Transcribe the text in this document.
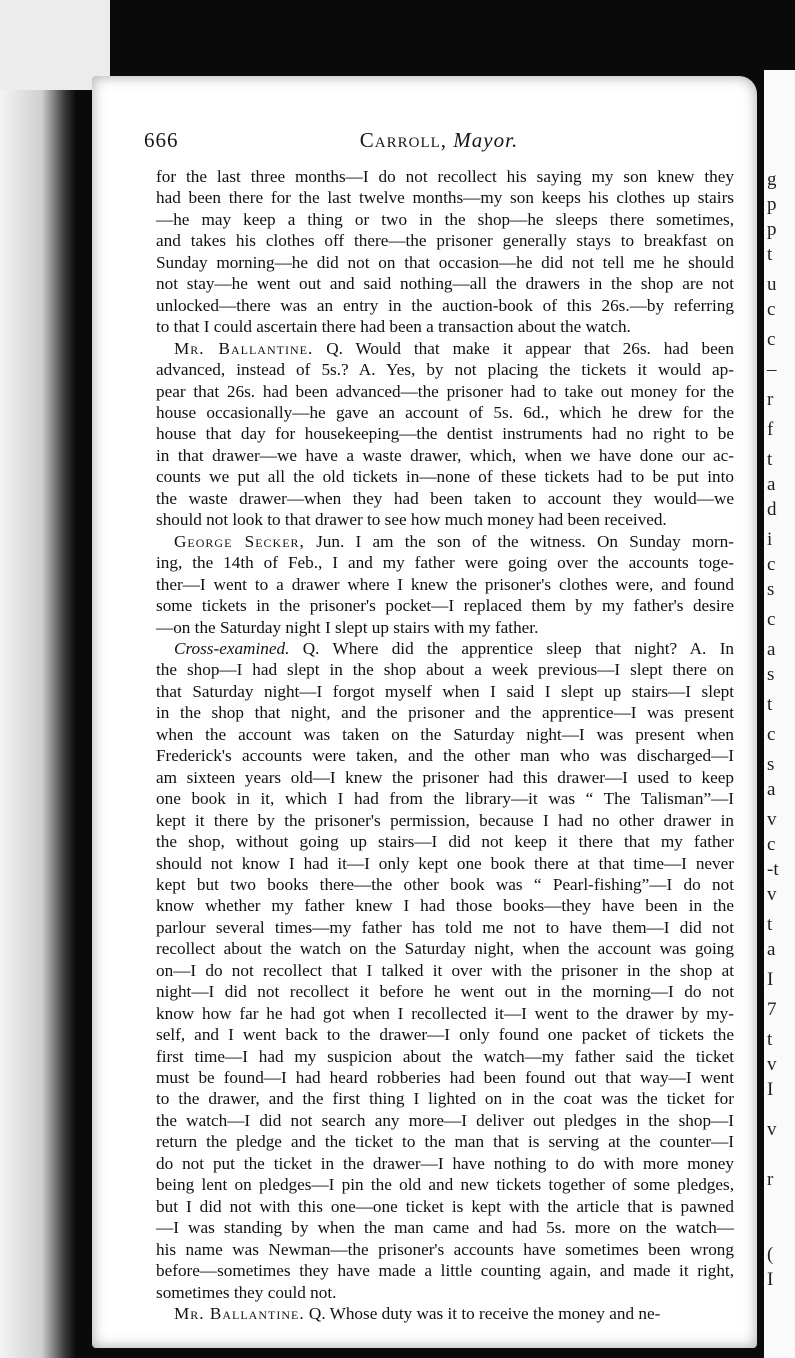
g
p
p
t
u
c
c
–
r
f
t
a
d
i
c
s
c
a
s
t
c
s
a
v
c
-t
v
t
a
I
7
t
v
I
v
r
(
I
666	Carroll, Mayor.
for the last three months—I do not recollect his saying my son knew they
had been there for the last twelve months—my son keeps his clothes up stairs
—he may keep a thing or two in the shop—he sleeps there sometimes,
and takes his clothes off there—the prisoner generally stays to breakfast on
Sunday morning—he did not on that occasion—he did not tell me he should
not stay—he went out and said nothing—all the drawers in the shop are not
unlocked—there was an entry in the auction-book of this 26s.—by referring
to that I could ascertain there had been a transaction about the watch.
Mr. Ballantine. Q. Would that make it appear that 26s. had been
advanced, instead of 5s.? A. Yes, by not placing the tickets it would ap-
pear that 26s. had been advanced—the prisoner had to take out money for the
house occasionally—he gave an account of 5s. 6d., which he drew for the
house that day for housekeeping—the dentist instruments had no right to be
in that drawer—we have a waste drawer, which, when we have done our ac-
counts we put all the old tickets in—none of these tickets had to be put into
the waste drawer—when they had been taken to account they would—we
should not look to that drawer to see how much money had been received.
George Secker, Jun. I am the son of the witness. On Sunday morn-
ing, the 14th of Feb., I and my father were going over the accounts toge-
ther—I went to a drawer where I knew the prisoner's clothes were, and found
some tickets in the prisoner's pocket—I replaced them by my father's desire
—on the Saturday night I slept up stairs with my father.
Cross-examined. Q. Where did the apprentice sleep that night? A. In
the shop—I had slept in the shop about a week previous—I slept there on
that Saturday night—I forgot myself when I said I slept up stairs—I slept
in the shop that night, and the prisoner and the apprentice—I was present
when the account was taken on the Saturday night—I was present when
Frederick's accounts were taken, and the other man who was discharged—I
am sixteen years old—I knew the prisoner had this drawer—I used to keep
one book in it, which I had from the library—it was “ The Talisman”—I
kept it there by the prisoner's permission, because I had no other drawer in
the shop, without going up stairs—I did not keep it there that my father
should not know I had it—I only kept one book there at that time—I never
kept but two books there—the other book was “ Pearl-fishing”—I do not
know whether my father knew I had those books—they have been in the
parlour several times—my father has told me not to have them—I did not
recollect about the watch on the Saturday night, when the account was going
on—I do not recollect that I talked it over with the prisoner in the shop at
night—I did not recollect it before he went out in the morning—I do not
know how far he had got when I recollected it—I went to the drawer by my-
self, and I went back to the drawer—I only found one packet of tickets the
first time—I had my suspicion about the watch—my father said the ticket
must be found—I had heard robberies had been found out that way—I went
to the drawer, and the first thing I lighted on in the coat was the ticket for
the watch—I did not search any more—I deliver out pledges in the shop—I
return the pledge and the ticket to the man that is serving at the counter—I
do not put the ticket in the drawer—I have nothing to do with more money
being lent on pledges—I pin the old and new tickets together of some pledges,
but I did not with this one—one ticket is kept with the article that is pawned
—I was standing by when the man came and had 5s. more on the watch—
his name was Newman—the prisoner's accounts have sometimes been wrong
before—sometimes they have made a little counting again, and made it right,
sometimes they could not.
Mr. Ballantine. Q. Whose duty was it to receive the money and ne-
